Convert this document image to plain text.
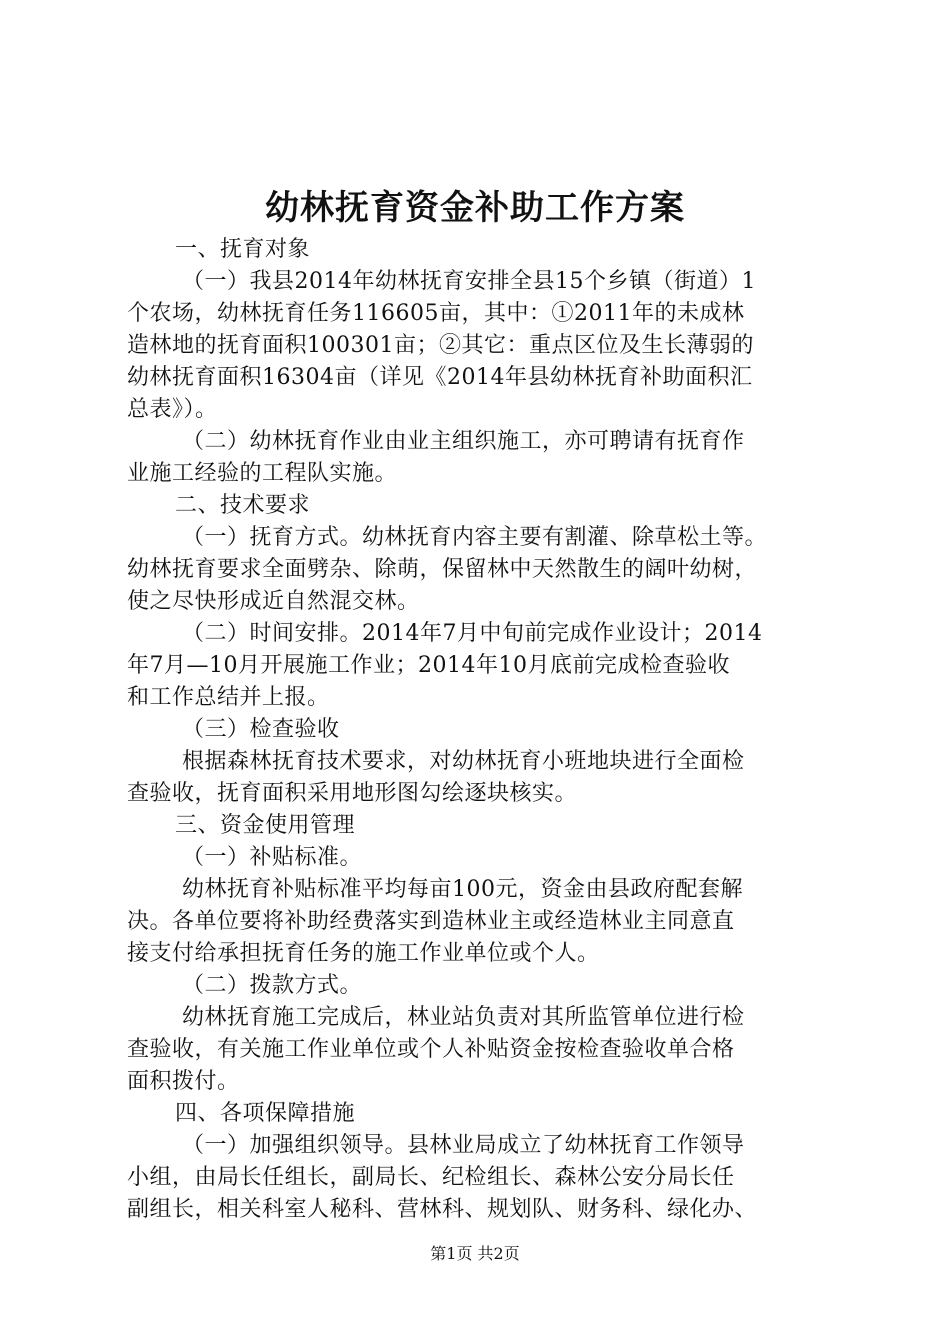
幼林抚育资金补助工作方案
一、抚育对象
（一）我县2014年幼林抚育安排全县15个乡镇（街道）1
个农场，幼林抚育任务116605亩，其中：①2011年的未成林
造林地的抚育面积100301亩；②其它：重点区位及生长薄弱的
幼林抚育面积16304亩（详见《2014年县幼林抚育补助面积汇
总表》）。
（二）幼林抚育作业由业主组织施工，亦可聘请有抚育作
业施工经验的工程队实施。
二、技术要求
（一）抚育方式。幼林抚育内容主要有割灌、除草松土等。
幼林抚育要求全面劈杂、除萌，保留林中天然散生的阔叶幼树，
使之尽快形成近自然混交林。
（二）时间安排。2014年7月中旬前完成作业设计；2014
年7月—10月开展施工作业；2014年10月底前完成检查验收
和工作总结并上报。
（三）检查验收
根据森林抚育技术要求，对幼林抚育小班地块进行全面检
查验收，抚育面积采用地形图勾绘逐块核实。
三、资金使用管理
（一）补贴标准。
幼林抚育补贴标准平均每亩100元，资金由县政府配套解
决。各单位要将补助经费落实到造林业主或经造林业主同意直
接支付给承担抚育任务的施工作业单位或个人。
（二）拨款方式。
幼林抚育施工完成后，林业站负责对其所监管单位进行检
查验收，有关施工作业单位或个人补贴资金按检查验收单合格
面积拨付。
四、各项保障措施
（一）加强组织领导。县林业局成立了幼林抚育工作领导
小组，由局长任组长，副局长、纪检组长、森林公安分局长任
副组长，相关科室人秘科、营林科、规划队、财务科、绿化办、
第1页 共2页
